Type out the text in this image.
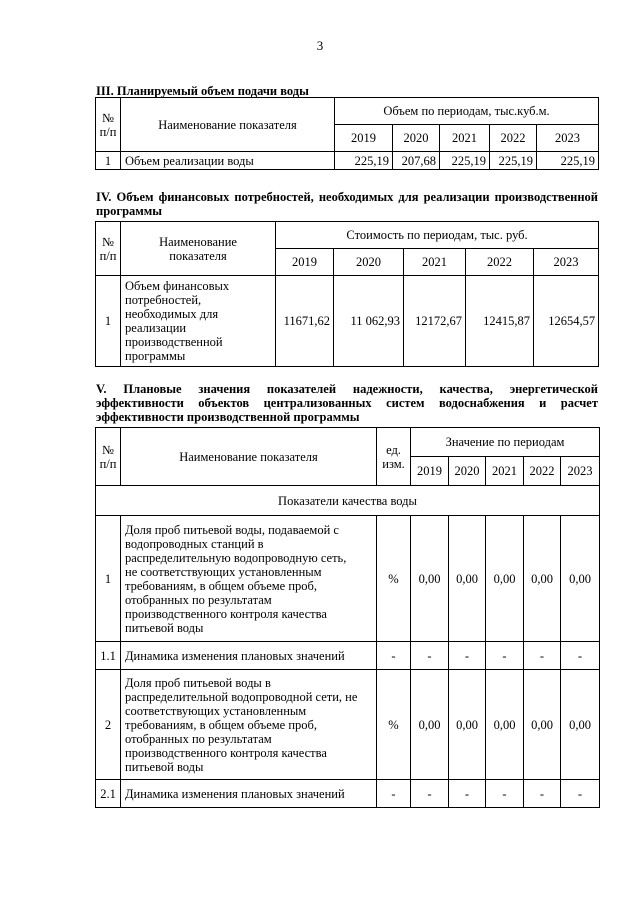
3
III. Планируемый объем подачи воды
№ п/п	Наименование показателя	Объем по периодам, тыс.куб.м.				
		2019	2020	2021	2022	2023
1	Объем реализации воды	225,19	207,68	225,19	225,19	225,19
IV. Объем финансовых потребностей, необходимых для реализации производственной программы
№ п/п	Наименование показателя	Стоимость по периодам, тыс. руб.				
		2019	2020	2021	2022	2023
1	Объем финансовых потребностей, необходимых для реализации производственной программы	11671,62	11 062,93	12172,67	12415,87	12654,57
V. Плановые значения показателей надежности, качества, энергетической эффективности объектов централизованных систем водоснабжения и расчет эффективности производственной программы
№ п/п	Наименование показателя	ед. изм.	Значение по периодам				
			2019	2020	2021	2022	2023
Показатели качества воды							
1	Доля проб питьевой воды, подаваемой с водопроводных станций в распределительную водопроводную сеть, не соответствующих установленным требованиям, в общем объеме проб, отобранных по результатам производственного контроля качества питьевой воды	%	0,00	0,00	0,00	0,00	0,00
1.1	Динамика изменения плановых значений	-	-	-	-	-	-
2	Доля проб питьевой воды в распределительной водопроводной сети, не соответствующих установленным требованиям, в общем объеме проб, отобранных по результатам производственного контроля качества питьевой воды	%	0,00	0,00	0,00	0,00	0,00
2.1	Динамика изменения плановых значений	-	-	-	-	-	-
